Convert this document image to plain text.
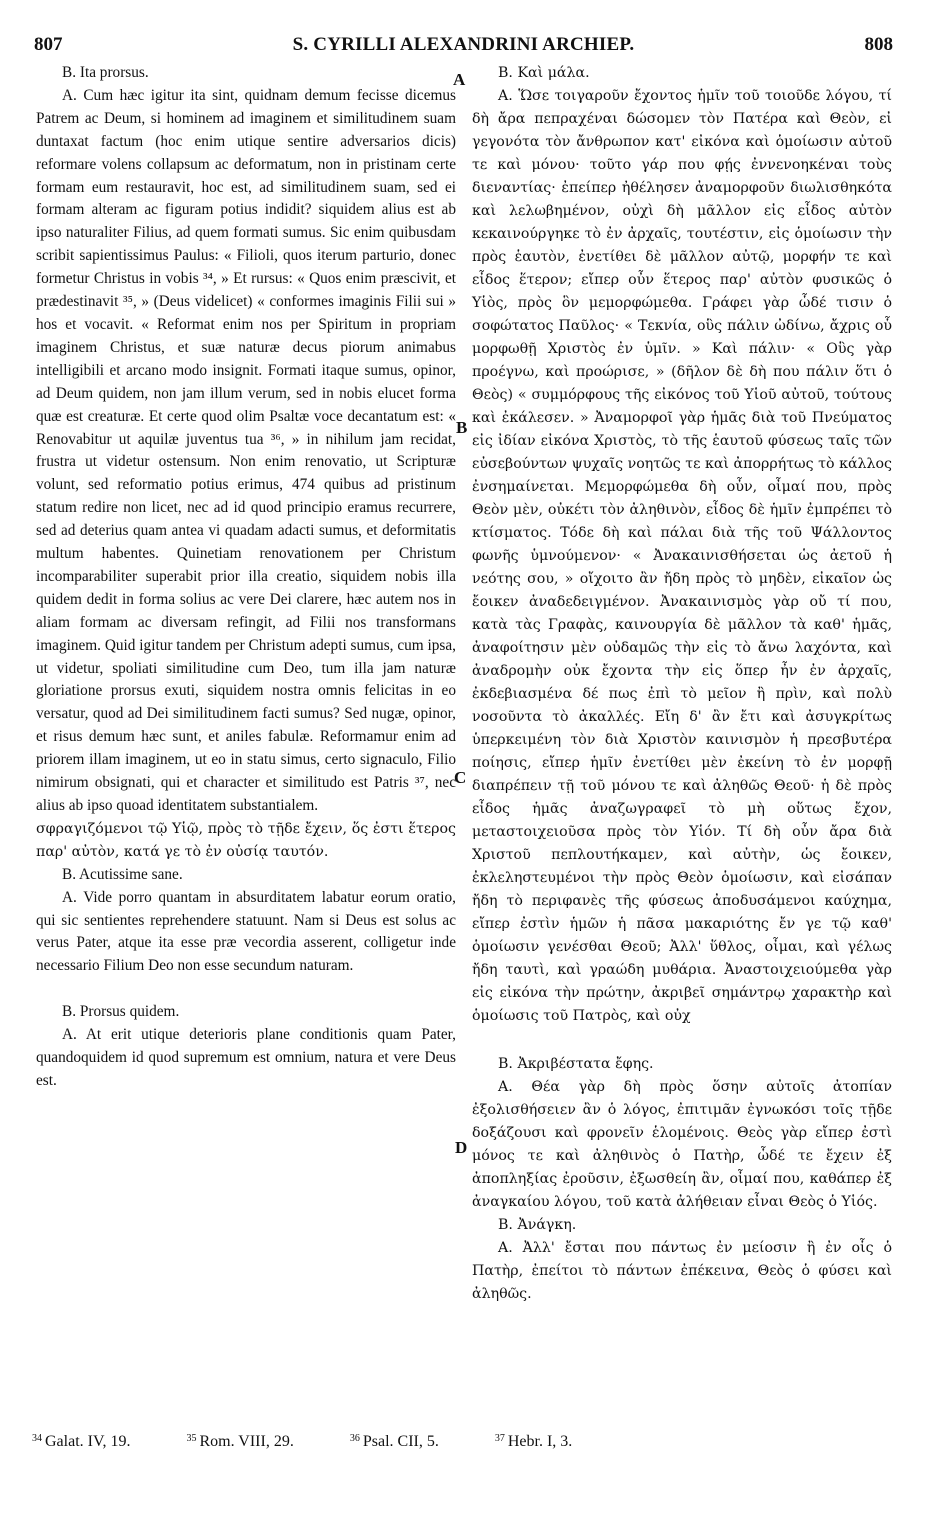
807	S. CYRILLI ALEXANDRINI ARCHIEP.	808
A
B
C
D

B. Ita prorsus.

A. Cum hæc igitur ita sint, quidnam demum fecisse dicemus Patrem ac Deum, si hominem ad imaginem et similitudinem suam duntaxat factum (hoc enim utique sentire adversarios dicis) reformare volens collapsum ac deformatum, non in pristinam certe formam eum restauravit, hoc est, ad similitudinem suam, sed ei formam alteram ac figuram potius indidit? siquidem alius est ab ipso naturaliter Filius, ad quem formati sumus. Sic enim quibusdam scribit sapientissimus Paulus: « Filioli, quos iterum parturio, donec formetur Christus in vobis ³⁴, » Et rursus: « Quos enim præscivit, et prædestinavit ³⁵, » (Deus videlicet) « conformes imaginis Filii sui » hos et vocavit. « Reformat enim nos per Spiritum in propriam imaginem Christus, et suæ naturæ decus piorum animabus intelligibili et arcano modo insignit. Formati itaque sumus, opinor, ad Deum quidem, non jam illum verum, sed in nobis elucet forma quæ est creaturæ. Et certe quod olim Psaltæ voce decantatum est: « Renovabitur ut aquilæ juventus tua ³⁶, » in nihilum jam recidat, frustra ut videtur ostensum. Non enim renovatio, ut Scripturæ volunt, sed reformatio potius erimus, 474 quibus ad pristinum statum redire non licet, nec ad id quod principio eramus recurrere, sed ad deterius quam antea vi quadam adacti sumus, et deformitatis multum habentes. Quinetiam renovationem per Christum incomparabiliter superabit prior illa creatio, siquidem nobis illa quidem dedit in forma solius ac vere Dei clarere, hæc autem nos in aliam formam ac diversam refingit, ad Filii nos transformans imaginem. Quid igitur tandem per Christum adepti sumus, cum ipsa, ut videtur, spoliati similitudine cum Deo, tum illa jam naturæ gloriatione prorsus exuti, siquidem nostra omnis felicitas in eo versatur, quod ad Dei similitudinem facti sumus? Sed nugæ, opinor, et risus demum hæc sunt, et aniles fabulæ. Reformamur enim ad priorem illam imaginem, ut eo in statu simus, certo signaculo, Filio nimirum obsignati, qui et character et similitudo est Patris ³⁷, nec alius ab ipso quoad identitatem substantialem.

σφραγιζόμενοι τῷ Υἱῷ, πρὸς τὸ τῇδε ἔχειν, ὅς ἐστι ἕτερος παρ' αὐτὸν, κατά γε τὸ ἐν οὐσίᾳ ταυτόν.

B. Acutissime sane.

A. Vide porro quantam in absurditatem labatur eorum oratio, qui sic sentientes reprehendere statuunt. Nam si Deus est solus ac verus Pater, atque ita esse præ vecordia asserent, colligetur inde necessario Filium Deo non esse secundum naturam.

B. Prorsus quidem.

A. At erit utique deterioris plane conditionis quam Pater, quandoquidem id quod supremum est omnium, natura et vere Deus est.

B. Καὶ μάλα.

A. Ὥσε τοιγαροῦν ἔχοντος ἡμῖν τοῦ τοιοῦδε λόγου, τί δὴ ἄρα πεπραχέναι δώσομεν τὸν Πατέρα καὶ Θεὸν, εἰ γεγονότα τὸν ἄνθρωπον κατ' εἰκόνα καὶ ὁμοίωσιν αὐτοῦ τε καὶ μόνου· τοῦτο γάρ που φῄς ἐννενοηκέναι τοὺς διεναντίας· ἐπείπερ ἠθέλησεν ἀναμορφοῦν διωλισθηκότα καὶ λελωβημένον, οὐχὶ δὴ μᾶλλον εἰς εἶδος αὐτὸν κεκαινούργηκε τὸ ἐν ἀρχαῖς, τουτέστιν, εἰς ὁμοίωσιν τὴν πρὸς ἑαυτὸν, ἐνετίθει δὲ μᾶλλον αὐτῷ, μορφήν τε καὶ εἶδος ἕτερον; εἴπερ οὖν ἕτερος παρ' αὐτὸν φυσικῶς ὁ Υἱὸς, πρὸς ὃν μεμορφώμεθα. Γράφει γὰρ ὧδέ τισιν ὁ σοφώτατος Παῦλος· « Τεκνία, οὓς πάλιν ὠδίνω, ἄχρις οὗ μορφωθῇ Χριστὸς ἐν ὑμῖν. » Καὶ πάλιν· « Οὓς γὰρ προέγνω, καὶ προώρισε, » (δῆλον δὲ δὴ που πάλιν ὅτι ὁ Θεὸς) « συμμόρφους τῆς εἰκόνος τοῦ Υἱοῦ αὐτοῦ, τούτους καὶ ἐκάλεσεν. » Ἀναμορφοῖ γὰρ ἡμᾶς διὰ τοῦ Πνεύματος εἰς ἰδίαν εἰκόνα Χριστὸς, τὸ τῆς ἑαυτοῦ φύσεως ταῖς τῶν εὐσεβούντων ψυχαῖς νοητῶς τε καὶ ἀπορρήτως τὸ κάλλος ἐνσημαίνεται. Μεμορφώμεθα δὴ οὖν, οἶμαί που, πρὸς Θεὸν μὲν, οὐκέτι τὸν ἀληθινὸν, εἶδος δὲ ἡμῖν ἐμπρέπει τὸ κτίσματος. Τόδε δὴ καὶ πάλαι διὰ τῆς τοῦ Ψάλλοντος φωνῆς ὑμνούμενον· « Ἀνακαινισθήσεται ὡς ἀετοῦ ἡ νεότης σου, » οἴχοιτο ἂν ἤδη πρὸς τὸ μηδὲν, εἰκαῖον ὡς ἔοικεν ἀναδεδειγμένον. Ἀνακαινισμὸς γὰρ οὔ τί που, κατὰ τὰς Γραφὰς, καινουργία δὲ μᾶλλον τὰ καθ' ἡμᾶς, ἀναφοίτησιν μὲν οὐδαμῶς τὴν εἰς τὸ ἄνω λαχόντα, καὶ ἀναδρομὴν οὐκ ἔχοντα τὴν εἰς ὅπερ ἦν ἐν ἀρχαῖς, ἐκδεβιασμένα δέ πως ἐπὶ τὸ μεῖον ἢ πρὶν, καὶ πολὺ νοσοῦντα τὸ ἀκαλλές. Εἴη δ' ἂν ἔτι καὶ ἀσυγκρίτως ὑπερκειμένη τὸν διὰ Χριστὸν καινισμὸν ἡ πρεσβυτέρα ποίησις, εἴπερ ἡμῖν ἐνετίθει μὲν ἐκείνη τὸ ἐν μορφῇ διαπρέπειν τῇ τοῦ μόνου τε καὶ ἀληθῶς Θεοῦ· ἡ δὲ πρὸς εἶδος ἡμᾶς ἀναζωγραφεῖ τὸ μὴ οὕτως ἔχον, μεταστοιχειοῦσα πρὸς τὸν Υἱόν. Τί δὴ οὖν ἄρα διὰ Χριστοῦ πεπλουτήκαμεν, καὶ αὐτὴν, ὡς ἔοικεν, ἐκλεληστευμένοι τὴν πρὸς Θεὸν ὁμοίωσιν, καὶ εἰσάπαν ἤδη τὸ περιφανὲς τῆς φύσεως ἀποδυσάμενοι καύχημα, εἴπερ ἐστὶν ἡμῶν ἡ πᾶσα μακαριότης ἔν γε τῷ καθ' ὁμοίωσιν γενέσθαι Θεοῦ; Ἀλλ' ὕθλος, οἶμαι, καὶ γέλως ἤδη ταυτὶ, καὶ γραώδη μυθάρια. Ἀναστοιχειούμεθα γὰρ εἰς εἰκόνα τὴν πρώτην, ἀκριβεῖ σημάντρῳ χαρακτὴρ καὶ ὁμοίωσις τοῦ Πατρὸς, καὶ οὐχ

B. Ἀκριβέστατα ἔφης.

A. Θέα γὰρ δὴ πρὸς ὅσην αὐτοῖς ἀτοπίαν ἐξολισθήσειεν ἂν ὁ λόγος, ἐπιτιμᾶν ἐγνωκόσι τοῖς τῇδε δοξάζουσι καὶ φρονεῖν ἑλομένοις. Θεὸς γὰρ εἴπερ ἐστὶ μόνος τε καὶ ἀληθινὸς ὁ Πατὴρ, ὧδέ τε ἔχειν ἐξ ἀποπληξίας ἐροῦσιν, ἐξωσθείη ἂν, οἶμαί που, καθάπερ ἐξ ἀναγκαίου λόγου, τοῦ κατὰ ἀλήθειαν εἶναι Θεὸς ὁ Υἱός.

B. Ἀνάγκη.

A. Ἀλλ' ἔσται που πάντως ἐν μείοσιν ἢ ἐν οἷς ὁ Πατὴρ, ἐπείτοι τὸ πάντων ἐπέκεινα, Θεὸς ὁ φύσει καὶ ἀληθῶς.

$^{34}$ Galat. IV, 19.	$^{35}$ Rom. VIII, 29.	$^{36}$ Psal. CII, 5.	$^{37}$ Hebr. I, 3.
